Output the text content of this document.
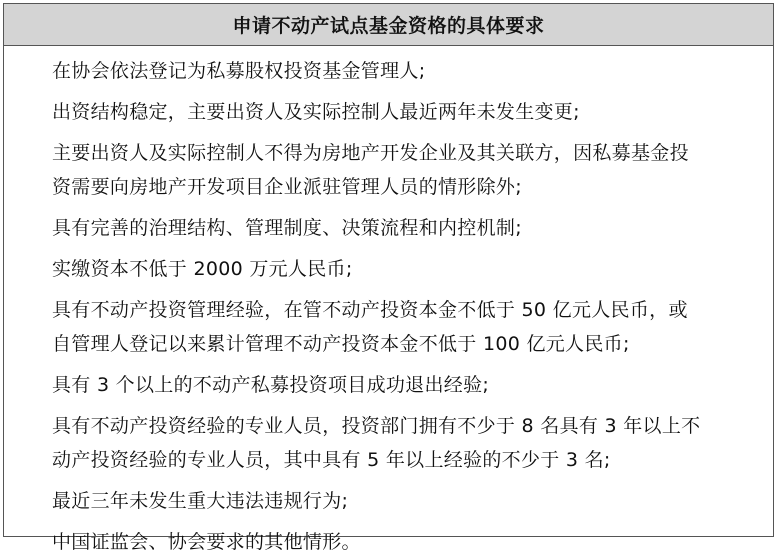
申请不动产试点基金资格的具体要求
在协会依法登记为私募股权投资基金管理人;
出资结构稳定，主要出资人及实际控制人最近两年未发生变更;
主要出资人及实际控制人不得为房地产开发企业及其关联方，因私募基金投
资需要向房地产开发项目企业派驻管理人员的情形除外;
具有完善的治理结构、管理制度、决策流程和内控机制;
实缴资本不低于 2000 万元人民币;
具有不动产投资管理经验，在管不动产投资本金不低于 50 亿元人民币，或
自管理人登记以来累计管理不动产投资本金不低于 100 亿元人民币;
具有 3 个以上的不动产私募投资项目成功退出经验;
具有不动产投资经验的专业人员，投资部门拥有不少于 8 名具有 3 年以上不
动产投资经验的专业人员，其中具有 5 年以上经验的不少于 3 名;
最近三年未发生重大违法违规行为;
中国证监会、协会要求的其他情形。
